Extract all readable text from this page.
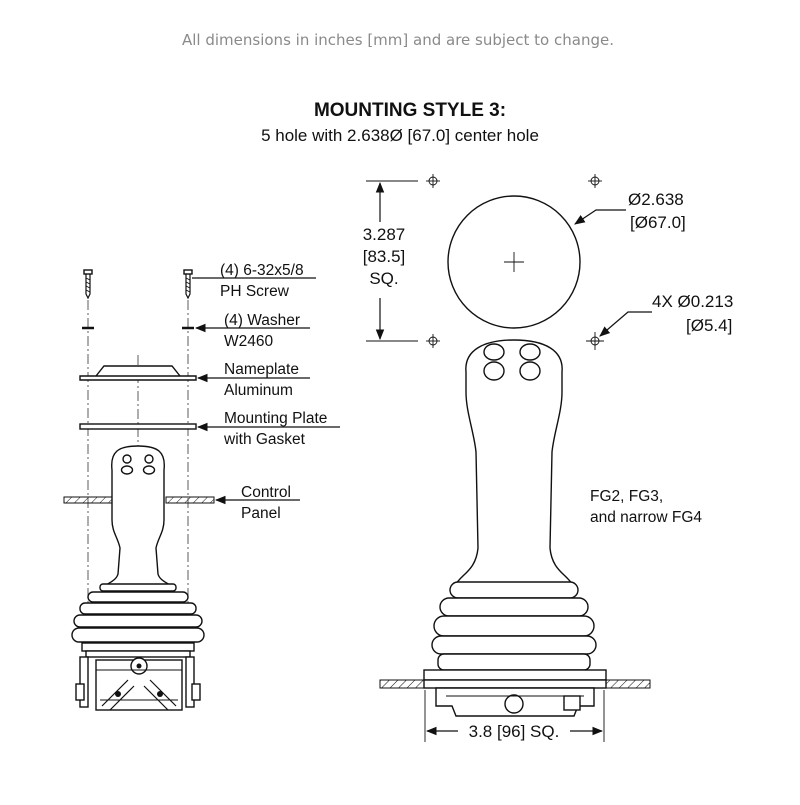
All dimensions in inches [mm] and are subject to change.
MOUNTING STYLE 3:
5 hole with 2.638Ø [67.0] center hole
(4) 6-32x5/8
PH Screw
(4) Washer
W2460
Nameplate
Aluminum
Mounting Plate
with Gasket
Control
Panel
3.287
[83.5]
SQ.
Ø2.638
[Ø67.0]
4X Ø0.213
[Ø5.4]
3.8 [96] SQ.
FG2, FG3,
and narrow FG4
